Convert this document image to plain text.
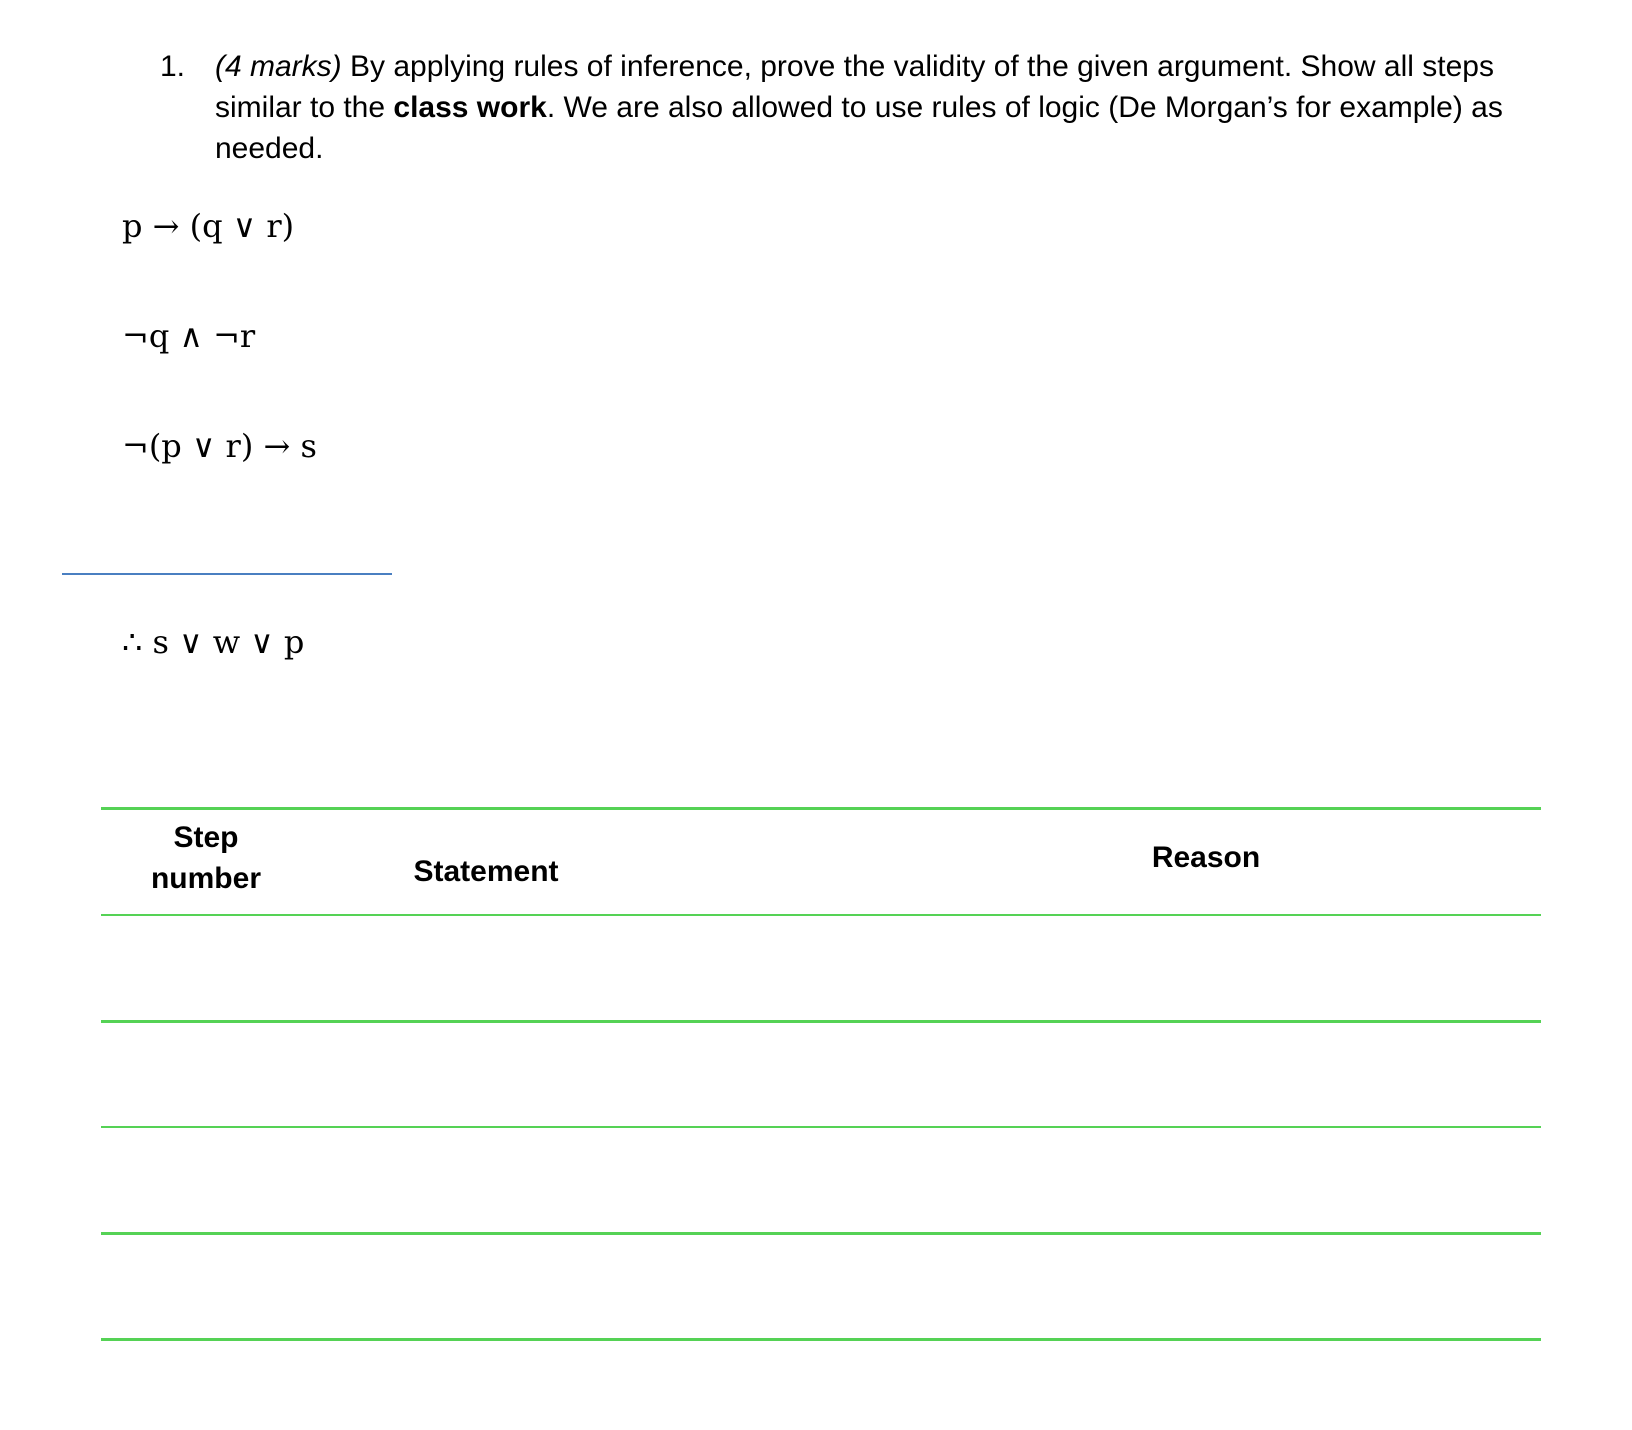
1. (4 marks) By applying rules of inference, prove the validity of the given argument. Show all steps similar to the class work. We are also allowed to use rules of logic (De Morgan’s for example) as needed.
p → (q ∨ r)
¬q ∧ ¬r
¬(p ∨ r) → s
∴ s ∨ w ∨ p
Step
number	Statement	Reason
